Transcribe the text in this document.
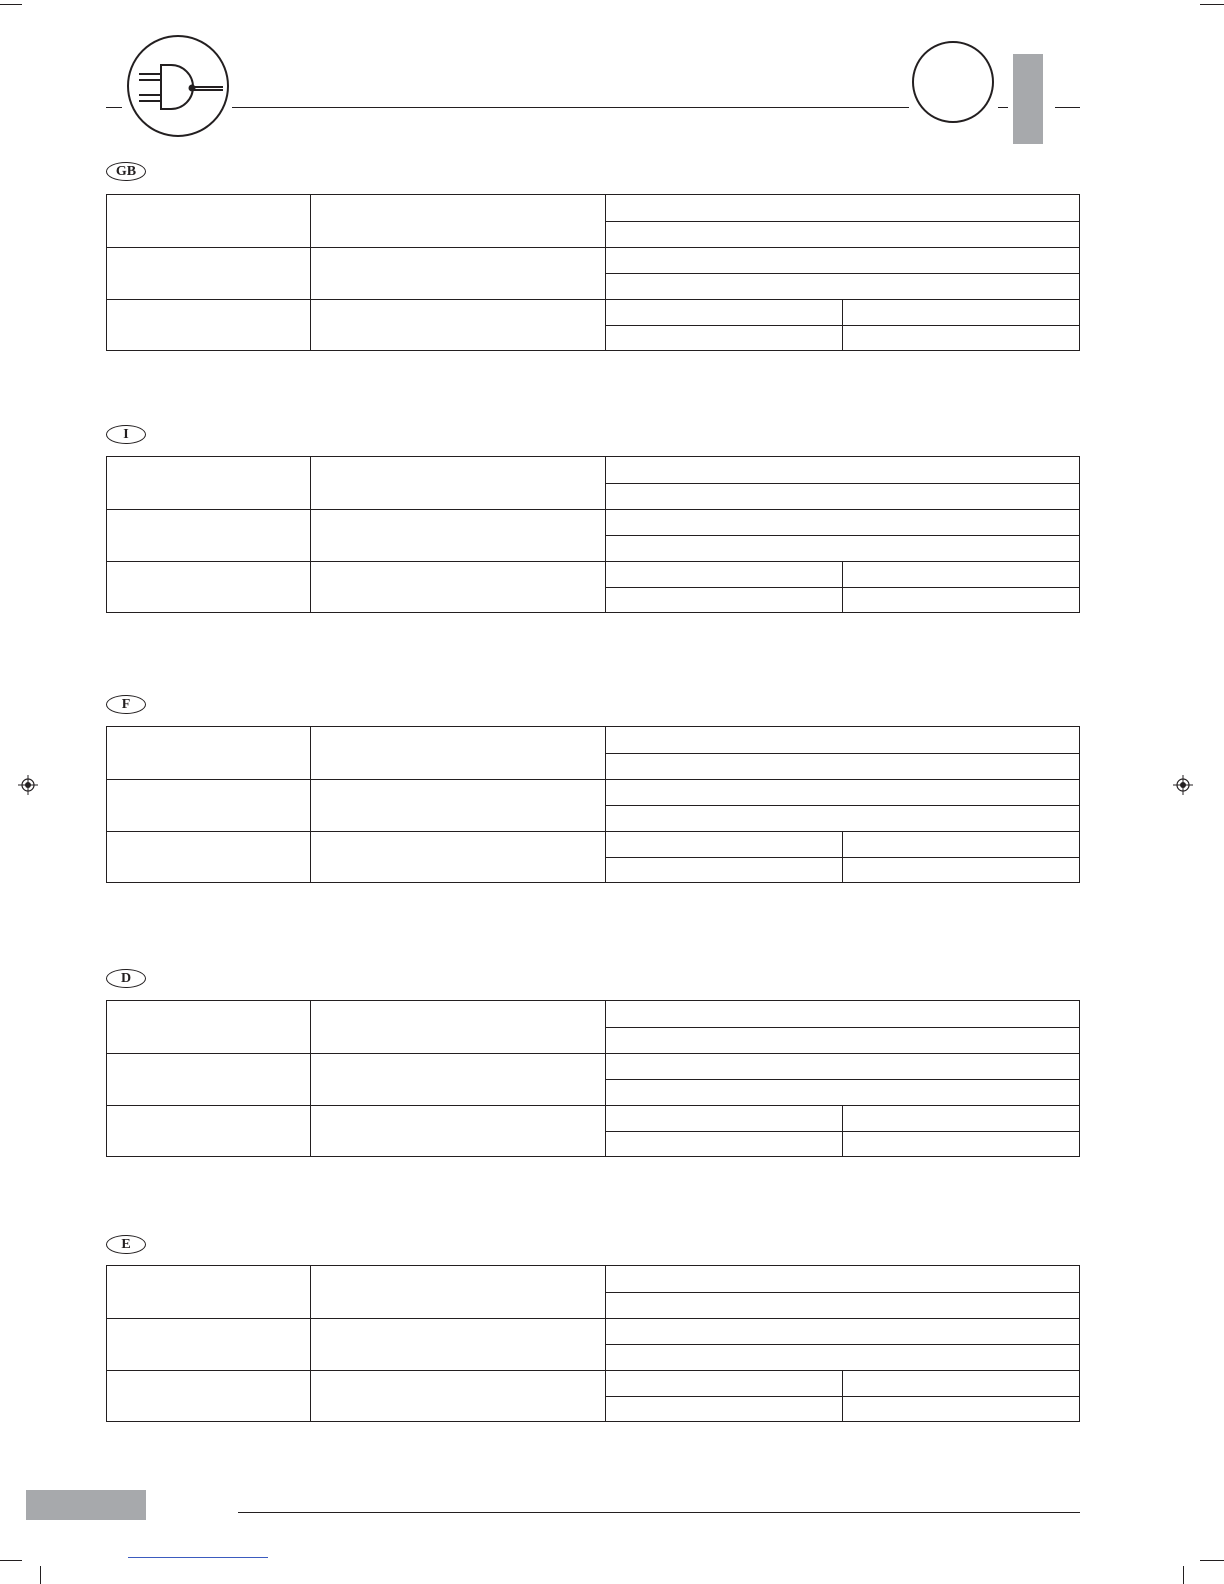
GB
I
F
D
E
